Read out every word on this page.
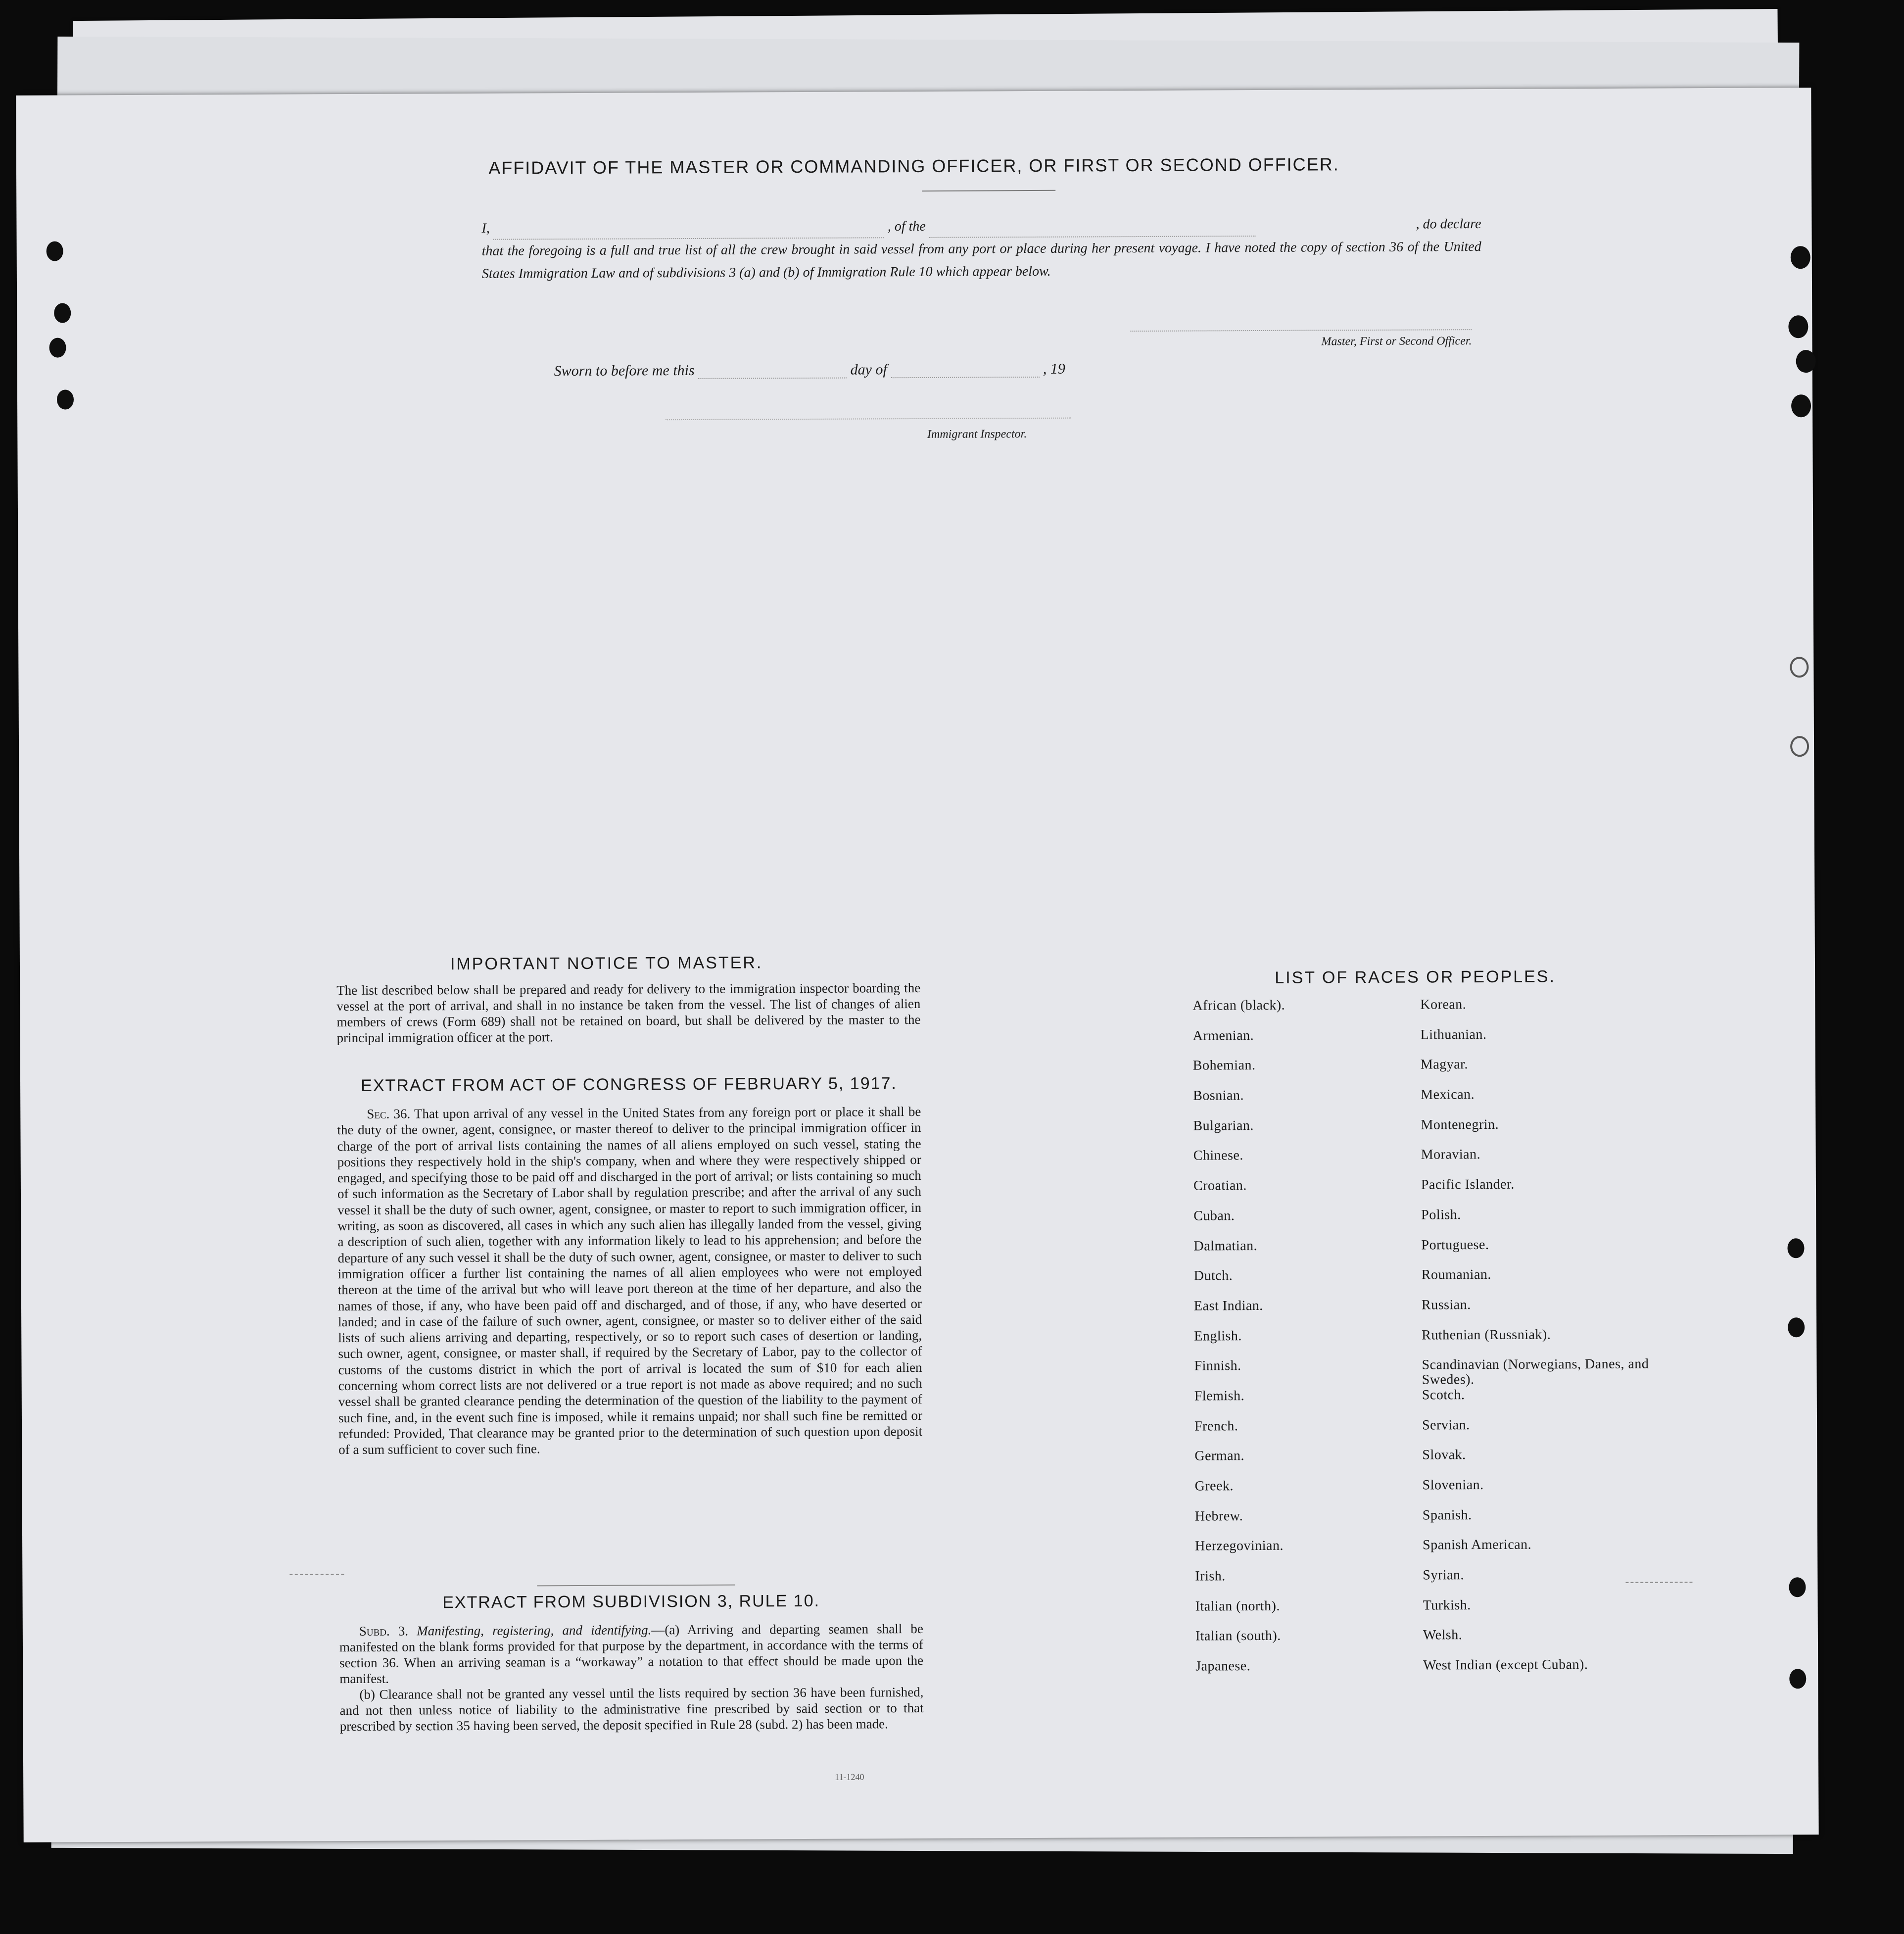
AFFIDAVIT OF THE MASTER OR COMMANDING OFFICER, OR FIRST OR SECOND OFFICER.
I,	, of the	, do declare
that the foregoing is a full and true list of all the crew brought in said vessel from any port or place during her present voyage. I have noted the copy of section 36 of the United States Immigration Law and of subdivisions 3 (a) and (b) of Immigration Rule 10 which appear below.
Master, First or Second Officer.
Sworn to before me this	day of	, 19
Immigrant Inspector.
IMPORTANT NOTICE TO MASTER.
The list described below shall be prepared and ready for delivery to the immigration inspector boarding the vessel at the port of arrival, and shall in no instance be taken from the vessel. The list of changes of alien members of crews (Form 689) shall not be retained on board, but shall be delivered by the master to the principal immigration officer at the port.
EXTRACT FROM ACT OF CONGRESS OF FEBRUARY 5, 1917.
Sec. 36. That upon arrival of any vessel in the United States from any foreign port or place it shall be the duty of the owner, agent, consignee, or master thereof to deliver to the principal immigration officer in charge of the port of arrival lists containing the names of all aliens employed on such vessel, stating the positions they respectively hold in the ship's company, when and where they were respectively shipped or engaged, and specifying those to be paid off and discharged in the port of arrival; or lists containing so much of such information as the Secretary of Labor shall by regulation prescribe; and after the arrival of any such vessel it shall be the duty of such owner, agent, consignee, or master to report to such immigration officer, in writing, as soon as discovered, all cases in which any such alien has illegally landed from the vessel, giving a description of such alien, together with any information likely to lead to his apprehension; and before the departure of any such vessel it shall be the duty of such owner, agent, consignee, or master to deliver to such immigration officer a further list containing the names of all alien employees who were not employed thereon at the time of the arrival but who will leave port thereon at the time of her departure, and also the names of those, if any, who have been paid off and discharged, and of those, if any, who have deserted or landed; and in case of the failure of such owner, agent, consignee, or master so to deliver either of the said lists of such aliens arriving and departing, respectively, or so to report such cases of desertion or landing, such owner, agent, consignee, or master shall, if required by the Secretary of Labor, pay to the collector of customs of the customs district in which the port of arrival is located the sum of $10 for each alien concerning whom correct lists are not delivered or a true report is not made as above required; and no such vessel shall be granted clearance pending the determination of the question of the liability to the payment of such fine, and, in the event such fine is imposed, while it remains unpaid; nor shall such fine be remitted or refunded: Provided, That clearance may be granted prior to the determination of such question upon deposit of a sum sufficient to cover such fine.
EXTRACT FROM SUBDIVISION 3, RULE 10.

Subd. 3. Manifesting, registering, and identifying.—(a) Arriving and departing seamen shall be manifested on the blank forms provided for that purpose by the department, in accordance with the terms of section 36. When an arriving seaman is a “workaway” a notation to that effect should be made upon the manifest.

(b) Clearance shall not be granted any vessel until the lists required by section 36 have been furnished, and not then unless notice of liability to the administrative fine prescribed by said section or to that prescribed by section 35 having been served, the deposit specified in Rule 28 (subd. 2) has been made.

11-1240
LIST OF RACES OR PEOPLES.
African (black).	Korean.
Armenian.	Lithuanian.
Bohemian.	Magyar.
Bosnian.	Mexican.
Bulgarian.	Montenegrin.
Chinese.	Moravian.
Croatian.	Pacific Islander.
Cuban.	Polish.
Dalmatian.	Portuguese.
Dutch.	Roumanian.
East Indian.	Russian.
English.	Ruthenian (Russniak).
Finnish.	Scandinavian (Norwegians, Danes, and Swedes).
Flemish.	Scotch.
French.	Servian.
German.	Slovak.
Greek.	Slovenian.
Hebrew.	Spanish.
Herzegovinian.	Spanish American.
Irish.	Syrian.
Italian (north).	Turkish.
Italian (south).	Welsh.
Japanese.	West Indian (except Cuban).
